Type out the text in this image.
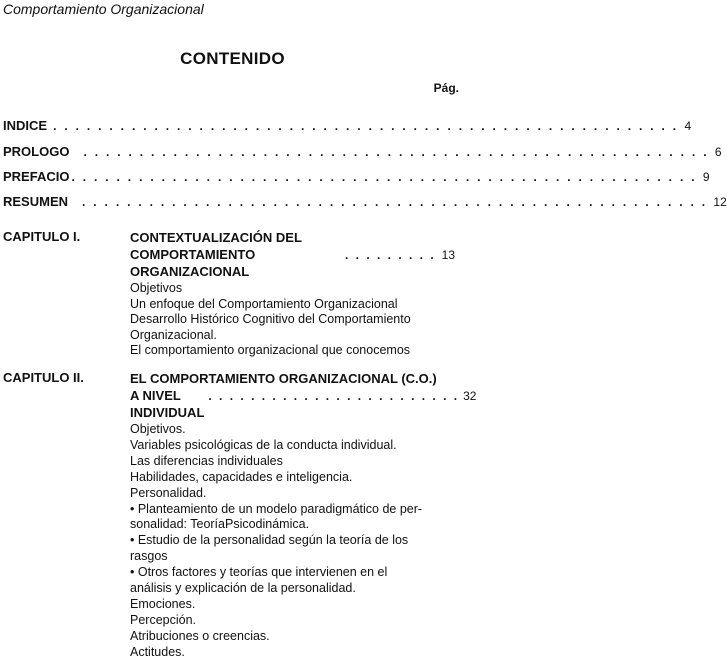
Comportamiento Organizacional
CONTENIDO
Pág.
INDICE . . . . . . . . . . . . . . . . . . . . . . . . . . . . . . . . . . . . . . . . . . . . . . . . . . . . . . . . 4
PROLOGO . . . . . . . . . . . . . . . . . . . . . . . . . . . . . . . . . . . . . . . . . . . . . . . . . . . . . . . . 6
PREFACIO . . . . . . . . . . . . . . . . . . . . . . . . . . . . . . . . . . . . . . . . . . . . . . . . . . . . . . . . 9
RESUMEN . . . . . . . . . . . . . . . . . . . . . . . . . . . . . . . . . . . . . . . . . . . . . . . . . . . . . . . . 12
CAPITULO I.	CONTEXTUALIZACIÓN DEL
COMPORTAMIENTO ORGANIZACIONAL
. . . . . . . . . 13
Objetivos
Un enfoque del Comportamiento Organizacional
Desarrollo Histórico Cognitivo del Comportamiento
Organizacional.
El comportamiento organizacional que conocemos
CAPITULO II.	EL COMPORTAMIENTO ORGANIZACIONAL (C.O.)
A NIVEL INDIVIDUAL
. . . . . . . . . . . . . . . . . . . . . . . . 32
Objetivos.
Variables psicológicas de la conducta individual.
Las diferencias individuales
Habilidades, capacidades e inteligencia.
Personalidad.
• Planteamiento de un modelo paradigmático de per-
sonalidad: TeoríaPsicodinámica.
• Estudio de la personalidad según la teoría de los
rasgos
• Otros factores y teorías que intervienen en el
análisis y explicación de la personalidad.
Emociones.
Percepción.
Atribuciones o creencias.
Actitudes.
